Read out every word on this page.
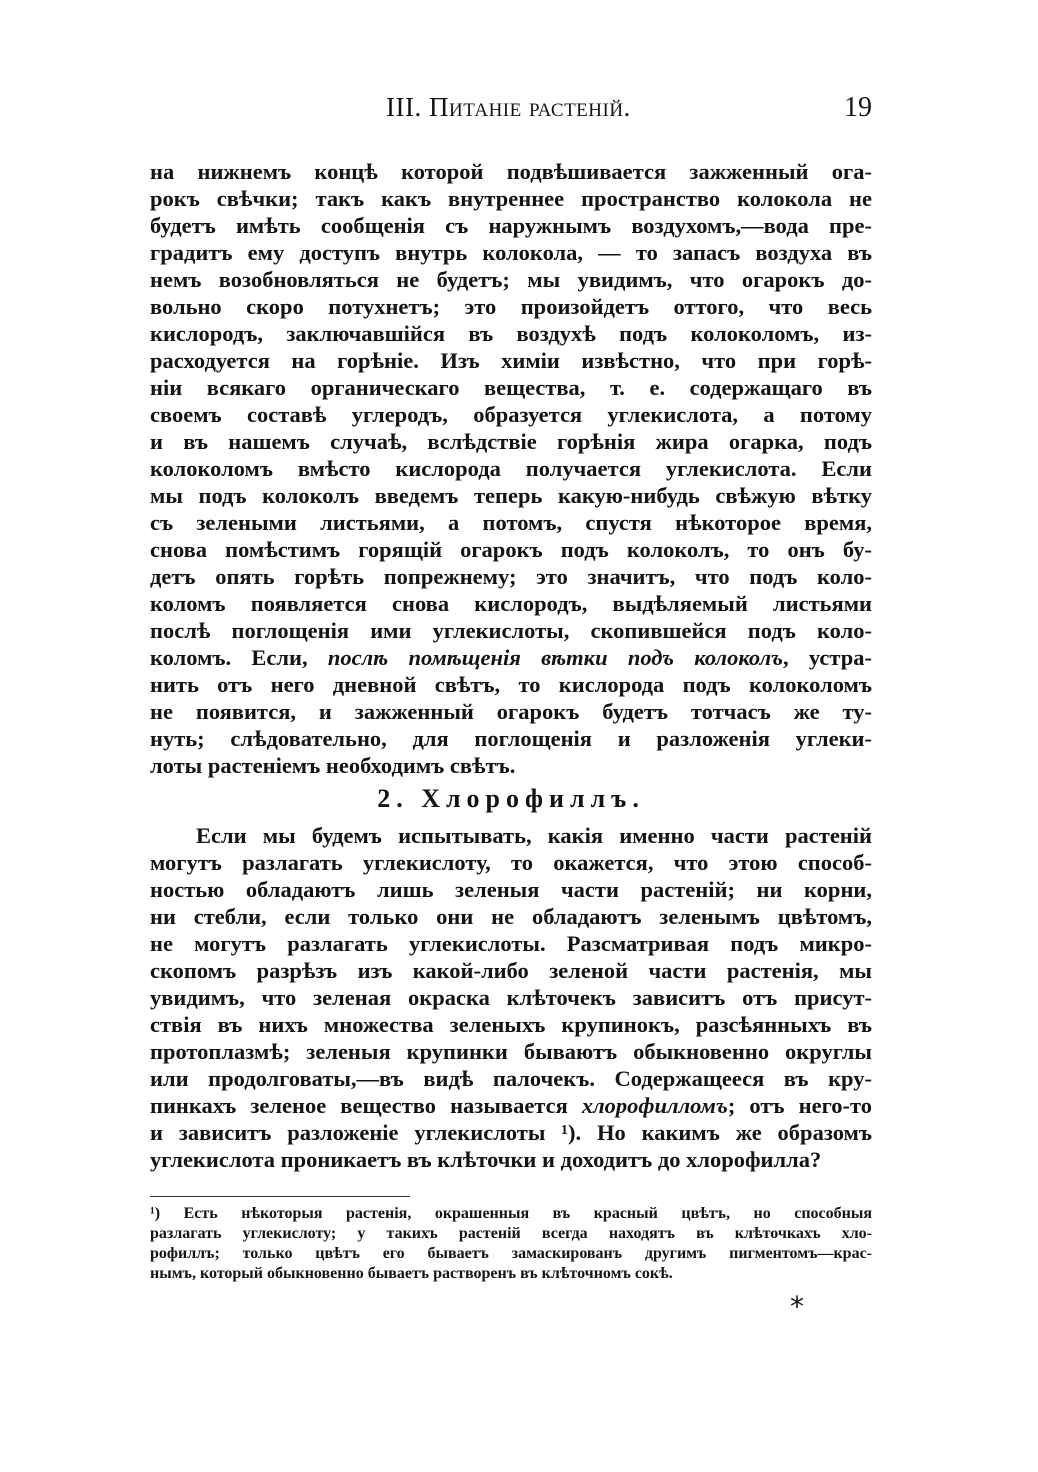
III. Питаніе растеній.	19
на нижнемъ концѣ которой подвѣшивается зажженный ога-
рокъ свѣчки; такъ какъ внутреннее пространство колокола не
будетъ имѣть сообщенія съ наружнымъ воздухомъ,—вода пре-
градитъ ему доступъ внутрь колокола, — то запасъ воздуха въ
немъ возобновляться не будетъ; мы увидимъ, что огарокъ до-
вольно скоро потухнетъ; это произойдетъ оттого, что весь
кислородъ, заключавшійся въ воздухѣ подъ колоколомъ, из-
расходуется на горѣніе. Изъ химіи извѣстно, что при горѣ-
ніи всякаго органическаго вещества, т. е. содержащаго въ
своемъ составѣ углеродъ, образуется углекислота, а потому
и въ нашемъ случаѣ, вслѣдствіе горѣнія жира огарка, подъ
колоколомъ вмѣсто кислорода получается углекислота. Если
мы подъ колоколъ введемъ теперь какую-нибудь свѣжую вѣтку
съ зелеными листьями, а потомъ, спустя нѣкоторое время,
снова помѣстимъ горящій огарокъ подъ колоколъ, то онъ бу-
детъ опять горѣть попрежнему; это значитъ, что подъ коло-
коломъ появляется снова кислородъ, выдѣляемый листьями
послѣ поглощенія ими углекислоты, скопившейся подъ коло-
коломъ. Если, послѣ помѣщенія вѣтки подъ колоколъ, устра-
нить отъ него дневной свѣтъ, то кислорода подъ колоколомъ
не появится, и зажженный огарокъ будетъ тотчасъ же ту-
нуть; слѣдовательно, для поглощенія и разложенія углеки-
лоты растеніемъ необходимъ свѣтъ.
2. Хлорофиллъ.
Если мы будемъ испытывать, какія именно части растеній
могутъ разлагать углекислоту, то окажется, что этою способ-
ностью обладаютъ лишь зеленыя части растеній; ни корни,
ни стебли, если только они не обладаютъ зеленымъ цвѣтомъ,
не могутъ разлагать углекислоты. Разсматривая подъ микро-
скопомъ разрѣзъ изъ какой-либо зеленой части растенія, мы
увидимъ, что зеленая окраска клѣточекъ зависитъ отъ присут-
ствія въ нихъ множества зеленыхъ крупинокъ, разсѣянныхъ въ
протоплазмѣ; зеленыя крупинки бываютъ обыкновенно округлы
или продолговаты,—въ видѣ палочекъ. Содержащееся въ кру-
пинкахъ зеленое вещество называется хлорофилломъ; отъ него-то
и зависитъ разложеніе углекислоты ¹). Но какимъ же образомъ
углекислота проникаетъ въ клѣточки и доходитъ до хлорофилла?
¹) Есть нѣкоторыя растенія, окрашенныя въ красный цвѣтъ, но способныя
разлагать углекислоту; у такихъ растеній всегда находятъ въ клѣточкахъ хло-
рофиллъ; только цвѣтъ его бываетъ замаскированъ другимъ пигментомъ—крас-
нымъ, который обыкновенно бываетъ растворенъ въ клѣточномъ сокѣ.
*
